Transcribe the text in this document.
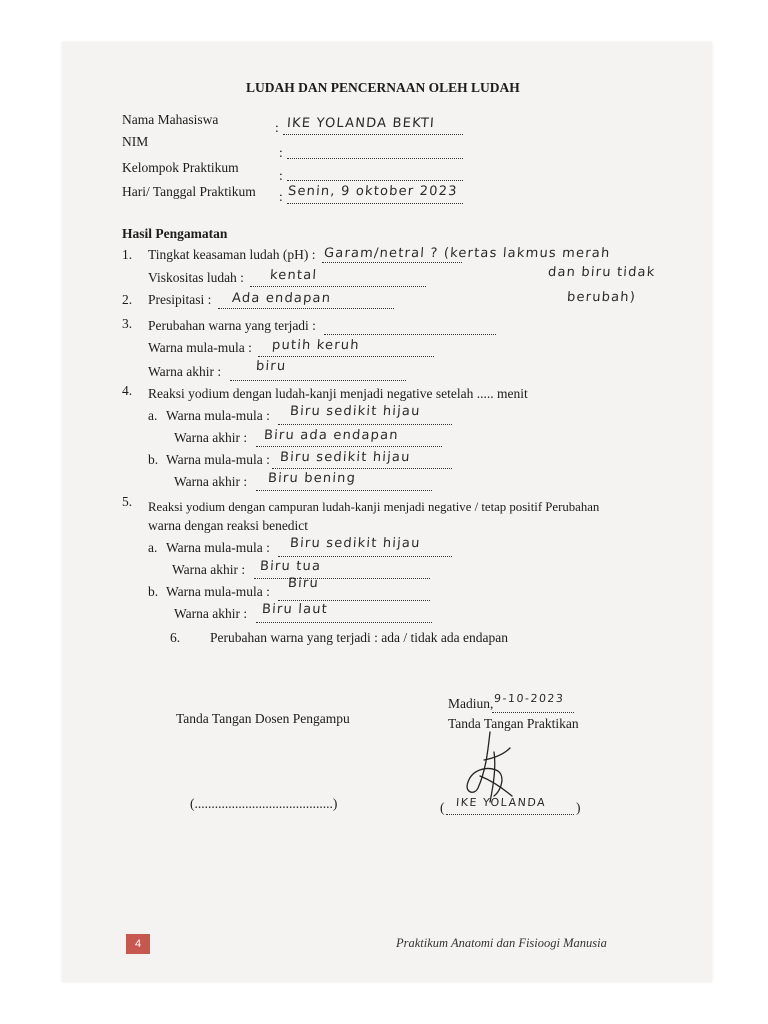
LUDAH DAN PENCERNAAN OLEH LUDAH
Nama Mahasiswa
: IKE YOLANDA BEKTI
NIM
:
Kelompok Praktikum
:
Hari/ Tanggal Praktikum : Senin, 9 oktober 2023
Hasil Pengamatan
1. Tingkat keasaman ludah (pH) : Garam/netral ? (kertas lakmus merah
dan biru tidak
berubah)
Viskositas ludah : kental
2. Presipitasi : Ada endapan
3. Perubahan warna yang terjadi :
Warna mula-mula : putih keruh
Warna akhir :	biru
4. Reaksi yodium dengan ludah-kanji menjadi negative setelah ..... menit
a. Warna mula-mula : Biru sedikit hijau
Warna akhir : Biru ada endapan
b. Warna mula-mula : Biru sedikit hijau
Warna akhir : Biru bening
5. Reaksi yodium dengan campuran ludah-kanji menjadi negative / tetap positif Perubahan
warna dengan reaksi benedict
a. Warna mula-mula : Biru sedikit hijau
Warna akhir : Biru tua
b. Warna mula-mula :
Biru
Warna akhir : Biru laut
6. Perubahan warna yang terjadi : ada / tidak ada endapan
Madiun, 9-10-2023
Tanda Tangan Dosen Pengampu	Tanda Tangan Praktikan
(.........................................)	( IKE YOLANDA )
4	Praktikum Anatomi dan Fisioogi Manusia
